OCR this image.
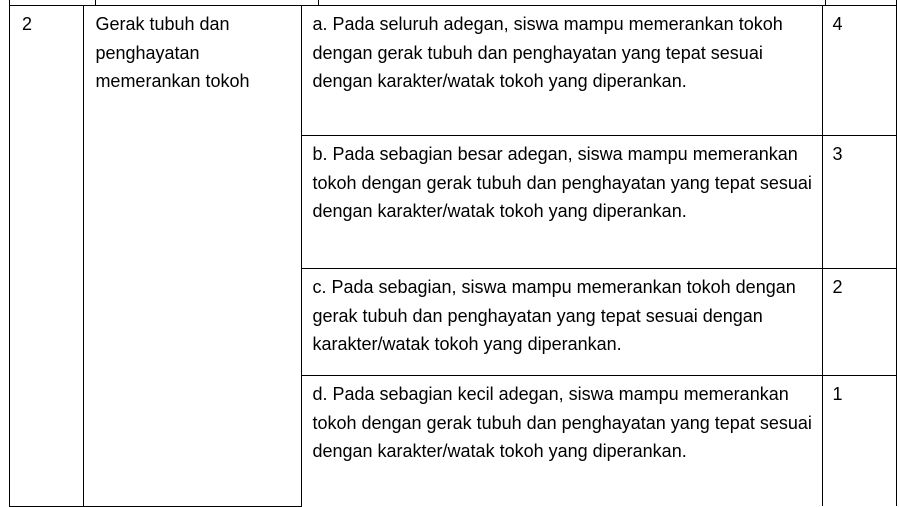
2	Gerak tubuh dan penghayatan memerankan tokoh	a. Pada seluruh adegan, siswa mampu memerankan tokoh dengan gerak tubuh dan penghayatan yang tepat sesuai dengan karakter/watak tokoh yang diperankan.	4
		b. Pada sebagian besar adegan, siswa mampu memerankan tokoh dengan gerak tubuh dan penghayatan yang tepat sesuai dengan karakter/watak tokoh yang diperankan.	3
		c. Pada sebagian, siswa mampu memerankan tokoh dengan gerak tubuh dan penghayatan yang tepat sesuai dengan karakter/watak tokoh yang diperankan.	2
		d. Pada sebagian kecil adegan, siswa mampu memerankan tokoh dengan gerak tubuh dan penghayatan yang tepat sesuai dengan karakter/watak tokoh yang diperankan.	1
